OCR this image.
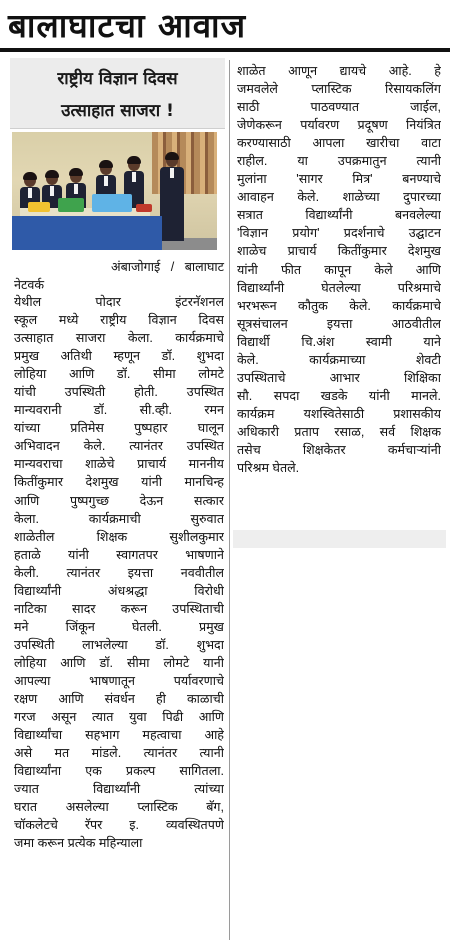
बालाघाटचा आवाज
राष्ट्रीय विज्ञान दिवस
उत्साहात साजरा !
अंबाजोगाई   /   बालाघाट
नेटवर्क
येथील पोदार इंटरनॅशनल
स्कूल मध्ये राष्ट्रीय विज्ञान दिवस
उत्साहात साजरा केला. कार्यक्रमाचे
प्रमुख अतिथी म्हणून डॉ. शुभदा
लोहिया आणि डॉ. सीमा लोमटे
यांची उपस्थिती होती. उपस्थित
मान्यवरानी डॉ. सी.व्ही. रमन
यांच्या प्रतिमेस पुष्पहार घालून
अभिवादन केले. त्यानंतर उपस्थित
मान्यवराचा शाळेचे प्राचार्य माननीय
कितींकुमार देशमुख यांनी मानचिन्ह
आणि पुष्पगुच्छ देऊन सत्कार
केला. कार्यक्रमाची सुरुवात
शाळेतील शिक्षक सुशीलकुमार
हताळे यांनी स्वागतपर भाषणाने
केली. त्यानंतर इयत्ता नववीतील
विद्यार्थ्यांनी अंधश्रद्धा विरोधी
नाटिका सादर करून उपस्थिताची
मने जिंकून घेतली. प्रमुख
उपस्थिती लाभलेल्या डॉ. शुभदा
लोहिया आणि डॉ. सीमा लोमटे यानी
आपल्या भाषणातून पर्यावरणाचे
रक्षण आणि संवर्धन ही काळाची
गरज असून त्यात युवा पिढी आणि
विद्यार्थ्यांचा सहभाग महत्वाचा आहे
असे मत मांडले. त्यानंतर त्यानी
विद्यार्थ्यांना एक प्रकल्प सागितला.
ज्यात विद्यार्थ्यांनी त्यांच्या
घरात असलेल्या प्लास्टिक बॅग,
चॉकलेटचे रॅपर इ. व्यवस्थितपणे
जमा करून प्रत्येक महिन्याला
शाळेत आणून द्यायचे आहे. हे
जमवलेले प्लास्टिक रिसायकलिंग
साठी पाठवण्यात जाईल,
जेणेकरून पर्यावरण प्रदूषण नियंत्रित
करण्यासाठी आपला खारीचा वाटा
राहील. या उपक्रमातुन त्यानी
मुलांना 'सागर मित्र' बनण्याचे
आवाहन केले. शाळेच्या दुपारच्या
सत्रात विद्यार्थ्यांनी बनवलेल्या
'विज्ञान प्रयोग' प्रदर्शनाचे उद्घाटन
शाळेच प्राचार्य कितींकुमार देशमुख
यांनी फीत कापून केले आणि
विद्यार्थ्यांनी घेतलेल्या परिश्रमाचे
भरभरून कौतुक केले. कार्यक्रमाचे
सूत्रसंचालन इयत्ता आठवीतील
विद्यार्थी चि.अंश स्वामी याने
केले. कार्यक्रमाच्या शेवटी
उपस्थिताचे आभार शिक्षिका
सौ. सपदा खडके यांनी मानले.
कार्यक्रम यशस्वितेसाठी प्रशासकीय
अधिकारी प्रताप रसाळ, सर्व शिक्षक
तसेच शिक्षकेतर कर्मचाऱ्यांनी
परिश्रम घेतले.
